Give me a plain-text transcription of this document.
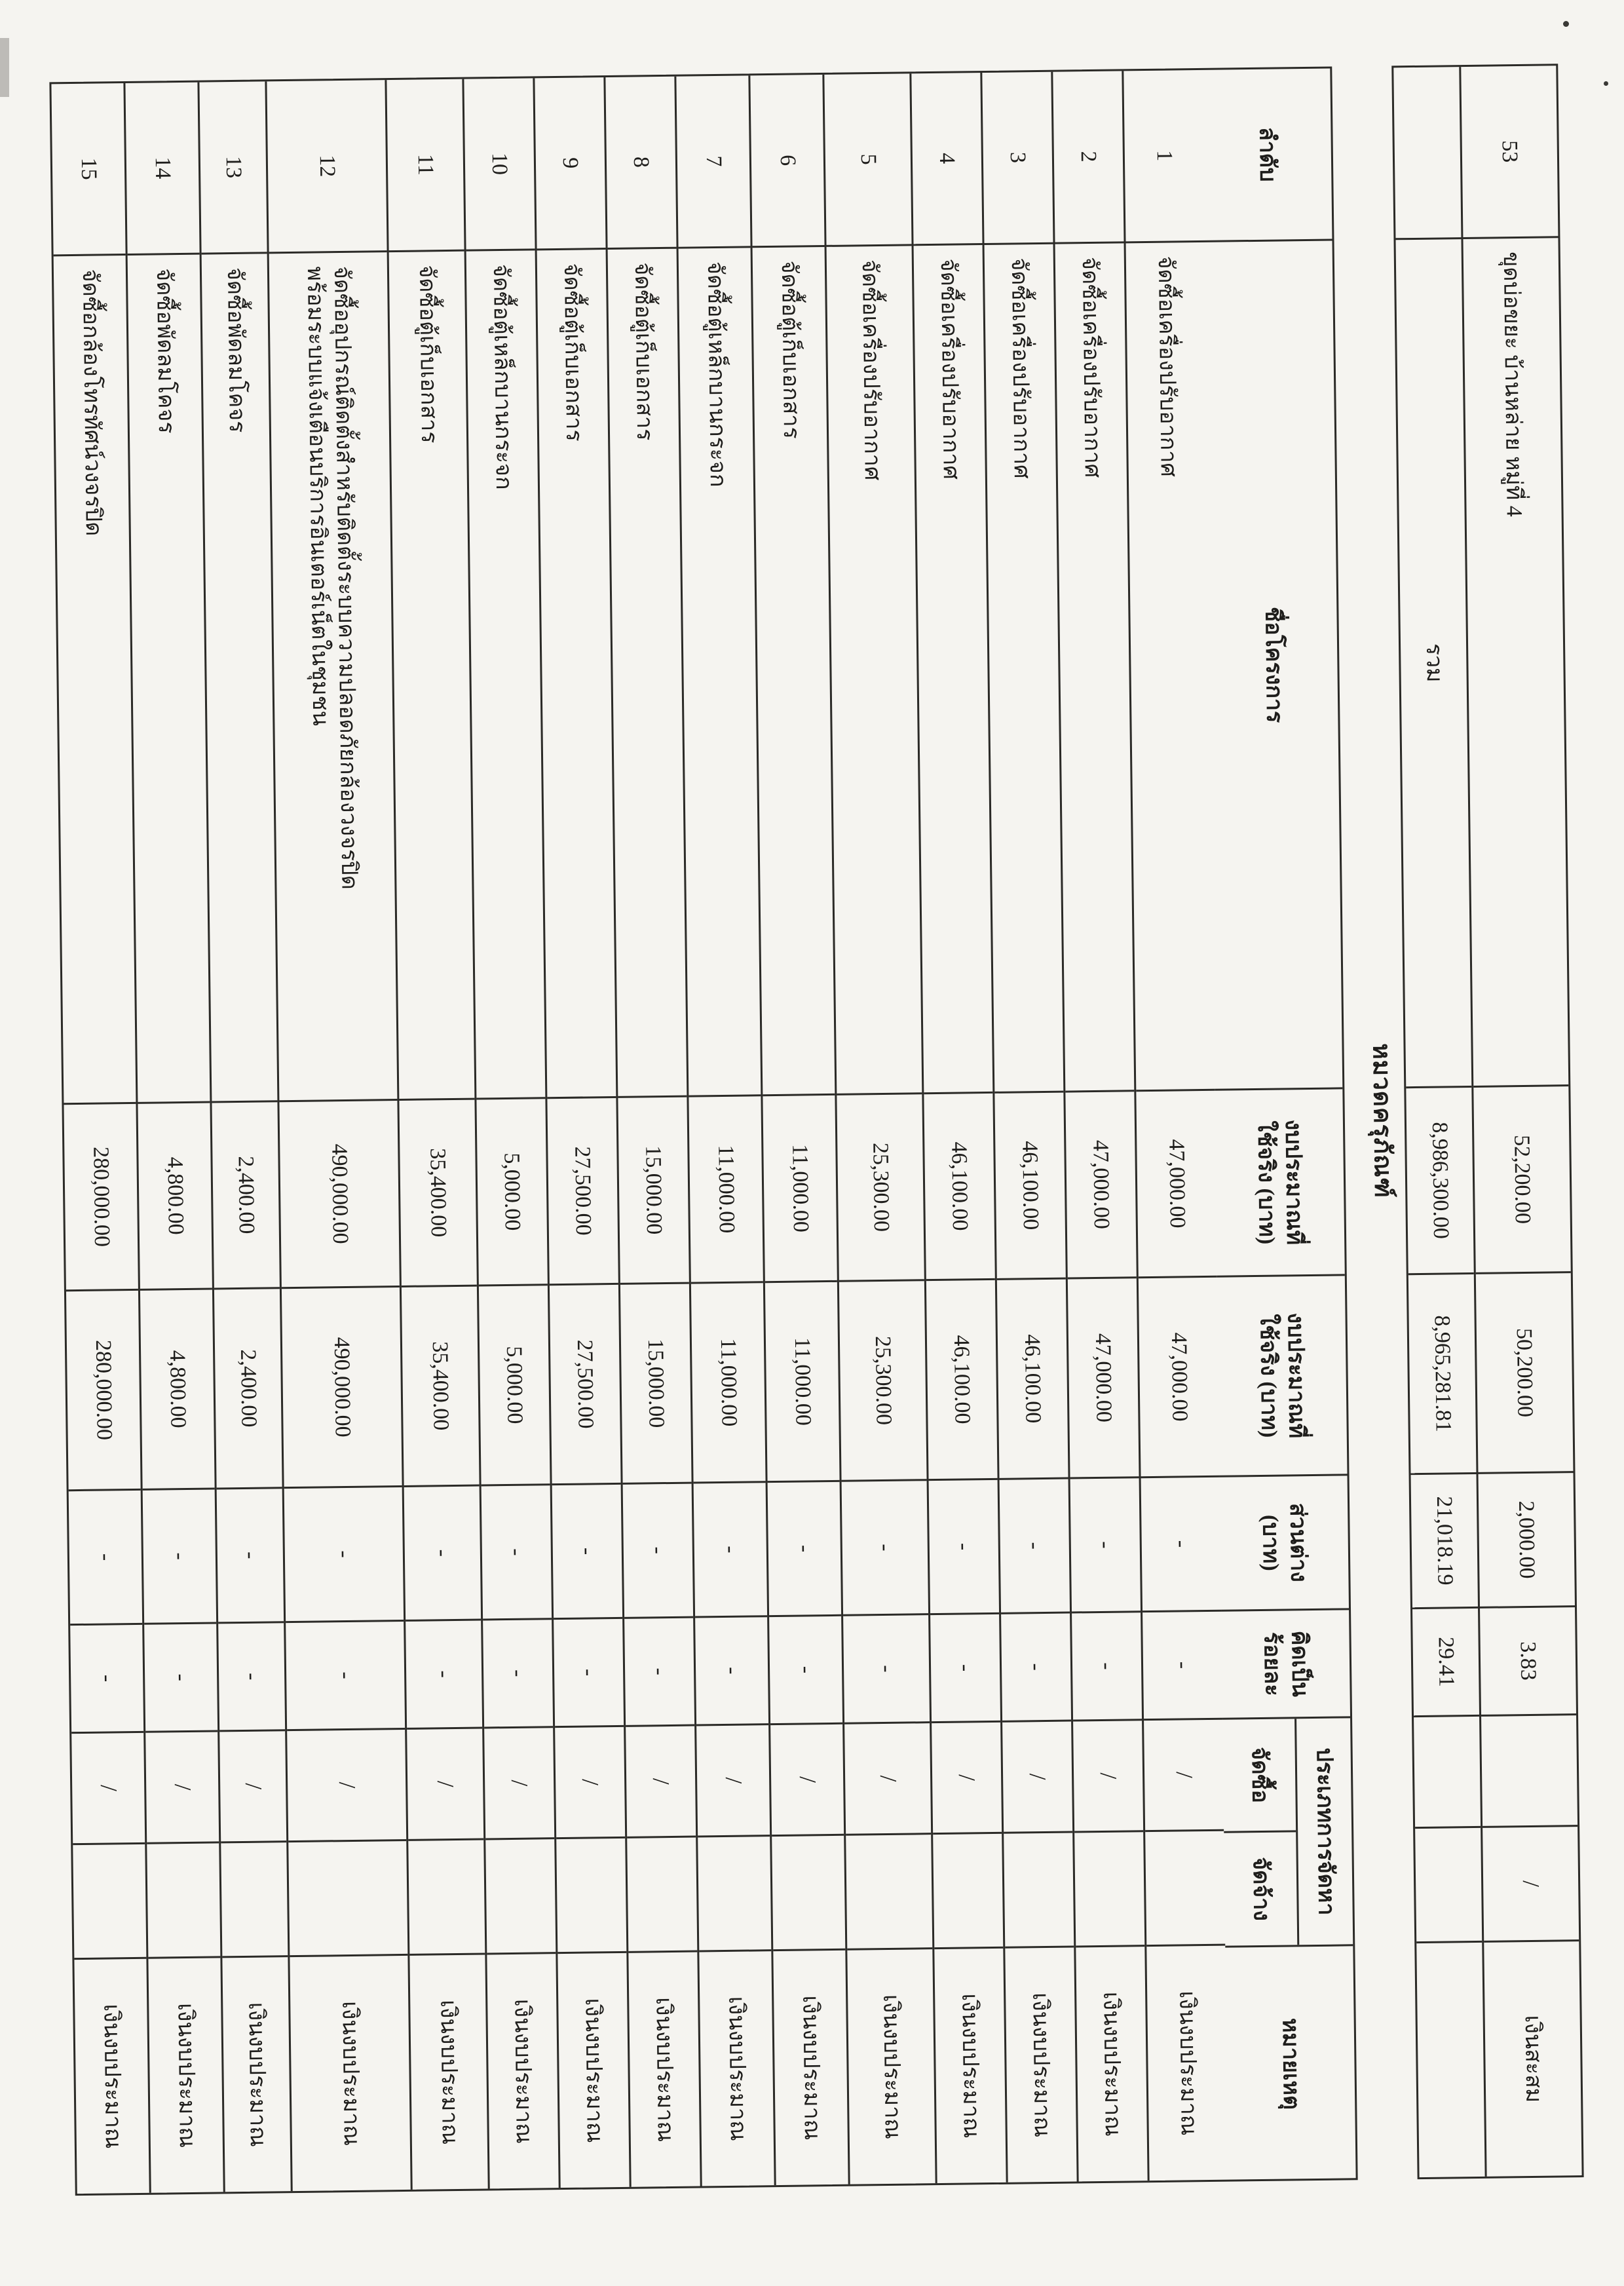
53
ขุดบ่อขยะ บ้านหล่าย หมู่ที่ 4
52,200.00
50,200.00
2,000.00
3.83
/
เงินสะสม
รวม
8,986,300.00
8,965,281.81
21,018.19
29.41
หมวดครุภัณฑ์
ลำดับ
ชื่อโครงการ
งบประมาณที่
ใช้จริง (บาท)
งบประมาณที่
ใช้จริง (บาท)
ส่วนต่าง
(บาท)
คิดเป็น
ร้อยละ
ประเภทการจัดหา
จัดซื้อ
จัดจ้าง
หมายเหตุ
1
จัดซื้อเครื่องปรับอากาศ
47,000.00
47,000.00
-
-
/
เงินงบประมาณ
2
จัดซื้อเครื่องปรับอากาศ
47,000.00
47,000.00
-
-
/
เงินงบประมาณ
3
จัดซื้อเครื่องปรับอากาศ
46,100.00
46,100.00
-
-
/
เงินงบประมาณ
4
จัดซื้อเครื่องปรับอากาศ
46,100.00
46,100.00
-
-
/
เงินงบประมาณ
5
จัดซื้อเครื่องปรับอากาศ
25,300.00
25,300.00
-
-
/
เงินงบประมาณ
6
จัดซื้อตู้เก็บเอกสาร
11,000.00
11,000.00
-
-
/
เงินงบประมาณ
7
จัดซื้อตู้เหล็กบานกระจก
11,000.00
11,000.00
-
-
/
เงินงบประมาณ
8
จัดซื้อตู้เก็บเอกสาร
15,000.00
15,000.00
-
-
/
เงินงบประมาณ
9
จัดซื้อตู้เก็บเอกสาร
27,500.00
27,500.00
-
-
/
เงินงบประมาณ
10
จัดซื้อตู้เหล็กบานกระจก
5,000.00
5,000.00
-
-
/
เงินงบประมาณ
11
จัดซื้อตู้เก็บเอกสาร
35,400.00
35,400.00
-
-
/
เงินงบประมาณ
12
จัดซื้ออุปกรณ์ติดตั้งสำหรับติดตั้งระบบความปลอดภัยกล้องวงจรปิด
พร้อมระบบแจ้งเตือนบริการอินเตอร์เน็ตในชุมชน
490,000.00
490,000.00
-
-
/
เงินงบประมาณ
13
จัดซื้อพัดลมโคจร
2,400.00
2,400.00
-
-
/
เงินงบประมาณ
14
จัดซื้อพัดลมโคจร
4,800.00
4,800.00
-
-
/
เงินงบประมาณ
15
จัดซื้อกล้องโทรทัศน์วงจรปิด
280,000.00
280,000.00
-
-
/
เงินงบประมาณ
